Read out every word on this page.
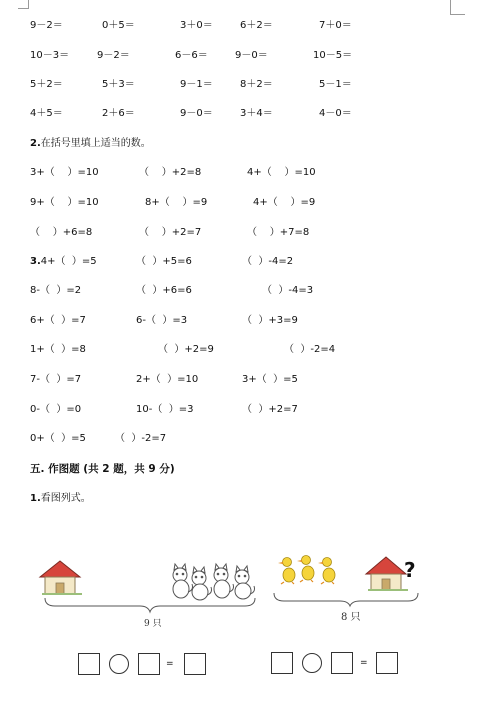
9－2＝	0＋5＝	3＋0＝	6＋2＝	7＋0＝
10－3＝	9－2＝	6－6＝	9－0＝	10－5＝
5＋2＝	5＋3＝	9－1＝	8＋2＝	5－1＝
4＋5＝	2＋6＝	9－0＝	3＋4＝	4－0＝
2.在括号里填上适当的数。
3+（    ）=10	（    ）+2=8	4+（    ）=10
9+（    ）=10	8+（    ）=9	4+（    ）=9
（    ）+6=8	（    ）+2=7	（    ）+7=8
3.4+（  ）=5	（  ）+5=6	（  ）-4=2
8-（  ）=2	（  ）+6=6	（  ）-4=3
6+（  ）=7	6-（  ）=3	（  ）+3=9
1+（  ）=8	（  ）+2=9	（  ）-2=4
7-（  ）=7	2+（  ）=10	3+（  ）=5
0-（  ）=0	10-（  ）=3	（  ）+2=7
0+（  ）=5	（  ）-2=7
五. 作图题 (共 2 题，共 9 分)
1.看图列式。
9 只
?
8 只
=	=
